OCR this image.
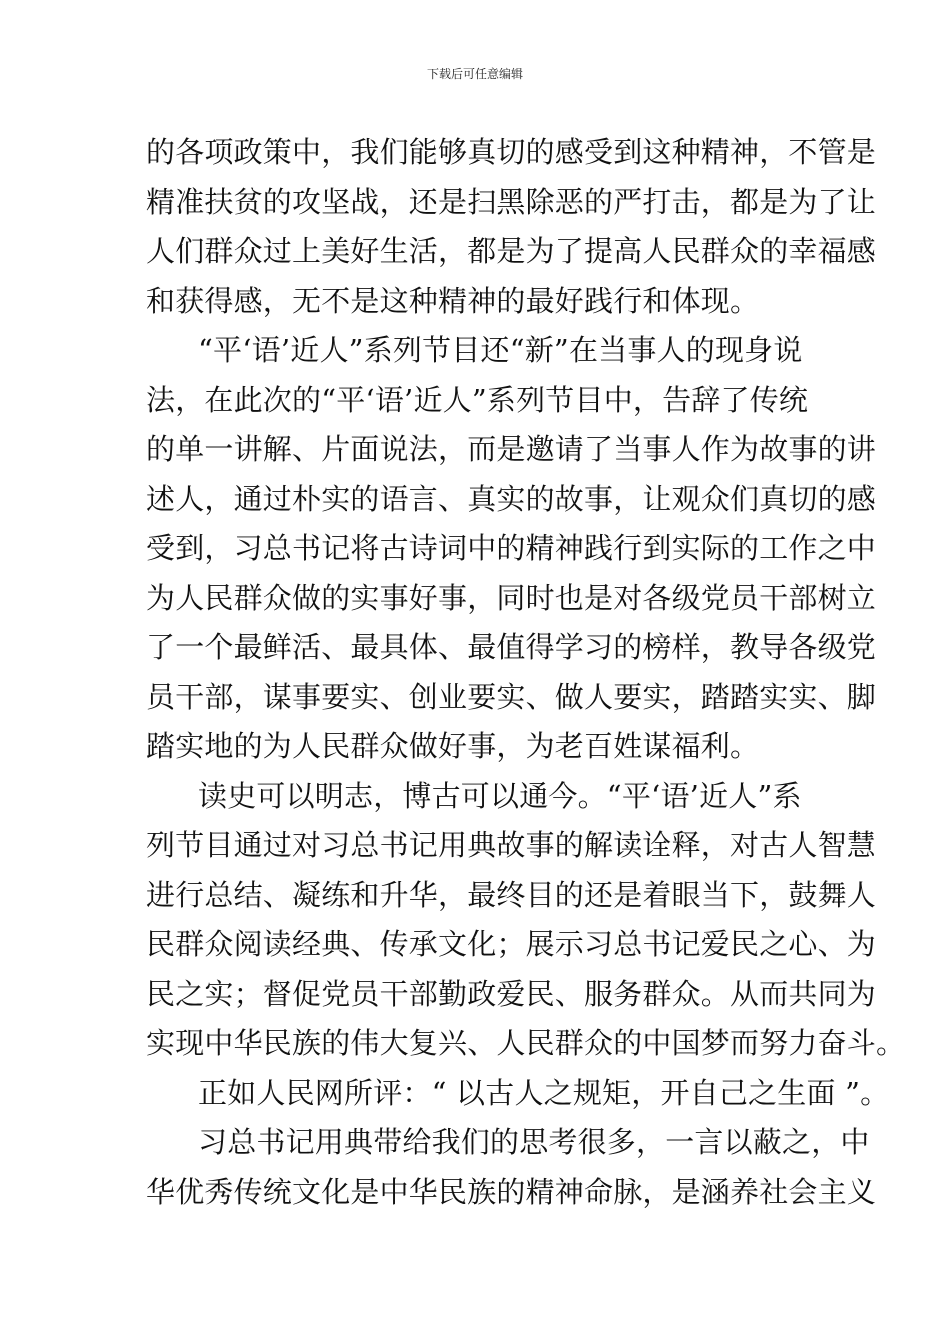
下载后可任意编辑
的各项政策中，我们能够真切的感受到这种精神，不管是
精准扶贫的攻坚战，还是扫黑除恶的严打击，都是为了让
人们群众过上美好生活，都是为了提高人民群众的幸福感
和获得感，无不是这种精神的最好践行和体现。
“平‘语’近人”系列节目还“新”在当事人的现身说
法，在此次的“平‘语’近人”系列节目中，告辞了传统
的单一讲解、片面说法，而是邀请了当事人作为故事的讲
述人，通过朴实的语言、真实的故事，让观众们真切的感
受到，习总书记将古诗词中的精神践行到实际的工作之中
为人民群众做的实事好事，同时也是对各级党员干部树立
了一个最鲜活、最具体、最值得学习的榜样，教导各级党
员干部，谋事要实、创业要实、做人要实，踏踏实实、脚
踏实地的为人民群众做好事，为老百姓谋福利。
读史可以明志，博古可以通今。“平‘语’近人”系
列节目通过对习总书记用典故事的解读诠释，对古人智慧
进行总结、凝练和升华，最终目的还是着眼当下，鼓舞人
民群众阅读经典、传承文化；展示习总书记爱民之心、为
民之实；督促党员干部勤政爱民、服务群众。从而共同为
实现中华民族的伟大复兴、人民群众的中国梦而努力奋斗。
正如人民网所评：“ 以古人之规矩，开自己之生面 ”。
习总书记用典带给我们的思考很多，一言以蔽之，中
华优秀传统文化是中华民族的精神命脉，是涵养社会主义
